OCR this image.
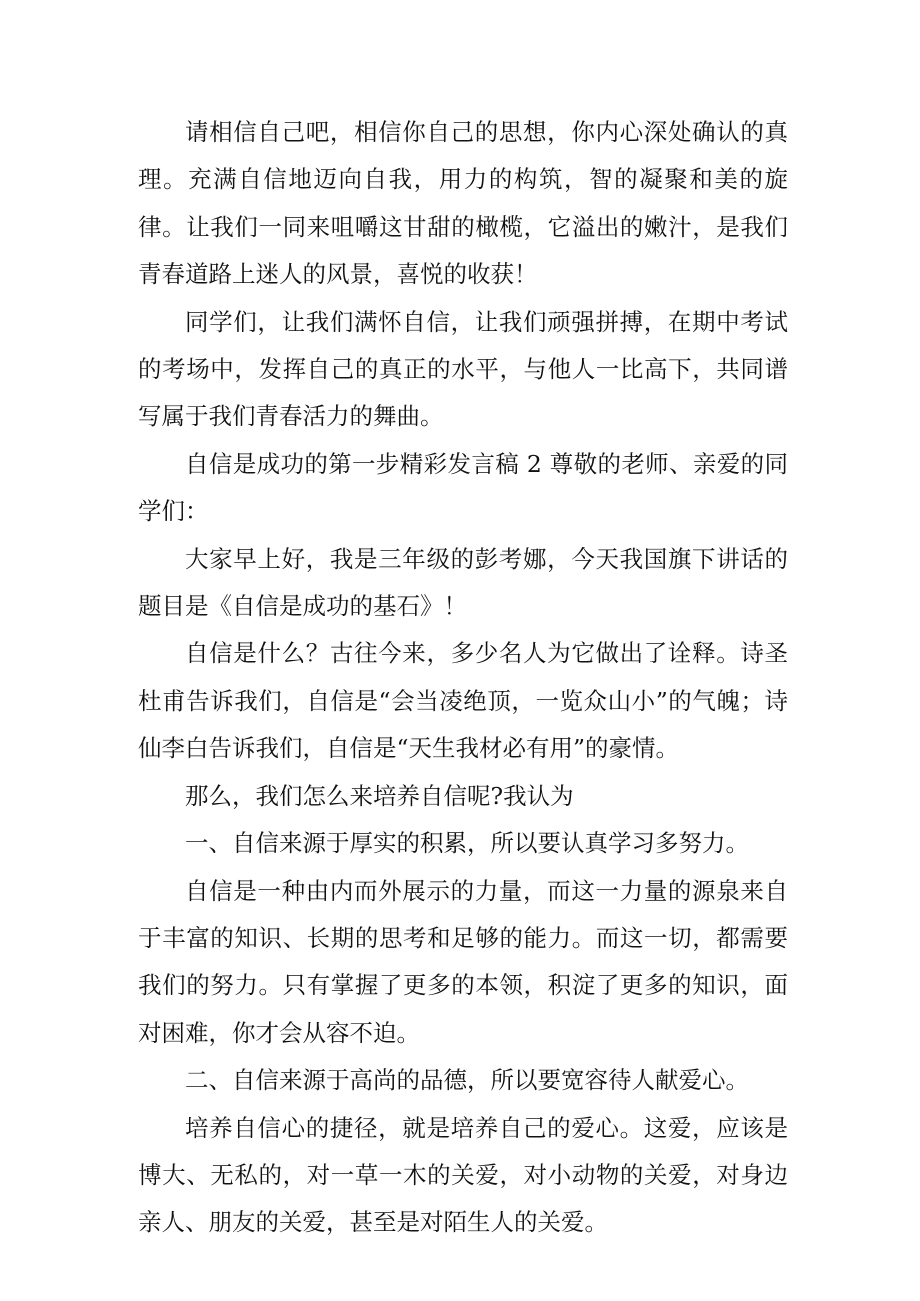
请相信自己吧，相信你自己的思想，你内心深处确认的真理。充满自信地迈向自我，用力的构筑，智的凝聚和美的旋律。让我们一同来咀嚼这甘甜的橄榄，它溢出的嫩汁，是我们青春道路上迷人的风景，喜悦的收获！

同学们，让我们满怀自信，让我们顽强拼搏，在期中考试的考场中，发挥自己的真正的水平，与他人一比高下，共同谱写属于我们青春活力的舞曲。

自信是成功的第一步精彩发言稿 2 尊敬的老师、亲爱的同学们：

大家早上好，我是三年级的彭考娜，今天我国旗下讲话的题目是《自信是成功的基石》！

自信是什么？古往今来，多少名人为它做出了诠释。诗圣杜甫告诉我们，自信是“会当凌绝顶，一览众山小”的气魄；诗仙李白告诉我们，自信是“天生我材必有用”的豪情。

那么，我们怎么来培养自信呢?我认为

一、自信来源于厚实的积累，所以要认真学习多努力。

自信是一种由内而外展示的力量，而这一力量的源泉来自于丰富的知识、长期的思考和足够的能力。而这一切，都需要我们的努力。只有掌握了更多的本领，积淀了更多的知识，面对困难，你才会从容不迫。

二、自信来源于高尚的品德，所以要宽容待人献爱心。

培养自信心的捷径，就是培养自己的爱心。这爱，应该是博大、无私的，对一草一木的关爱，对小动物的关爱，对身边亲人、朋友的关爱，甚至是对陌生人的关爱。
